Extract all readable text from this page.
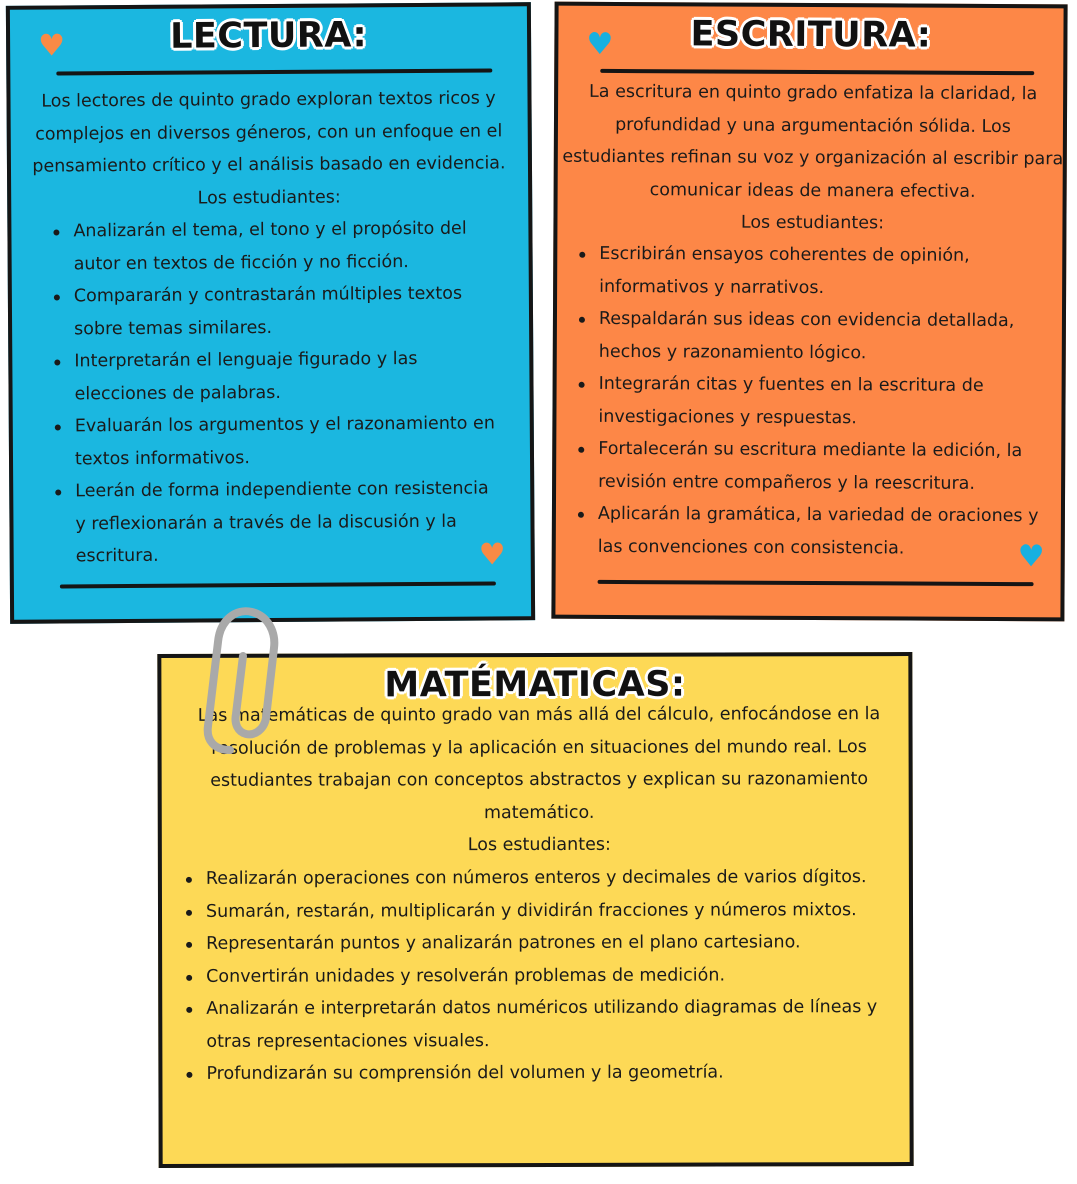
♥	LECTURA:
Los lectores de quinto grado exploran textos ricos y complejos en diversos géneros, con un enfoque en el pensamiento crítico y el análisis basado en evidencia. Los estudiantes:
Analizarán el tema, el tono y el propósito del autor en textos de ficción y no ficción.
Compararán y contrastarán múltiples textos sobre temas similares.
Interpretarán el lenguaje figurado y las elecciones de palabras.
Evaluarán los argumentos y el razonamiento en textos informativos.
Leerán de forma independiente con resistencia y reflexionarán a través de la discusión y la escritura.	♥
♥	ESCRITURA:
La escritura en quinto grado enfatiza la claridad, la profundidad y una argumentación sólida. Los estudiantes refinan su voz y organización al escribir para comunicar ideas de manera efectiva.
Los estudiantes:
Escribirán ensayos coherentes de opinión, informativos y narrativos.
Respaldarán sus ideas con evidencia detallada, hechos y razonamiento lógico.
Integrarán citas y fuentes en la escritura de investigaciones y respuestas.
Fortalecerán su escritura mediante la edición, la revisión entre compañeros y la reescritura.
Aplicarán la gramática, la variedad de oraciones y las convenciones con consistencia.	♥
MATÉMATICAS:
Las matemáticas de quinto grado van más allá del cálculo, enfocándose en la resolución de problemas y la aplicación en situaciones del mundo real. Los estudiantes trabajan con conceptos abstractos y explican su razonamiento matemático.
Los estudiantes:
Realizarán operaciones con números enteros y decimales de varios dígitos.
Sumarán, restarán, multiplicarán y dividirán fracciones y números mixtos.
Representarán puntos y analizarán patrones en el plano cartesiano.
Convertirán unidades y resolverán problemas de medición.
Analizarán e interpretarán datos numéricos utilizando diagramas de líneas y otras representaciones visuales.
Profundizarán su comprensión del volumen y la geometría.
